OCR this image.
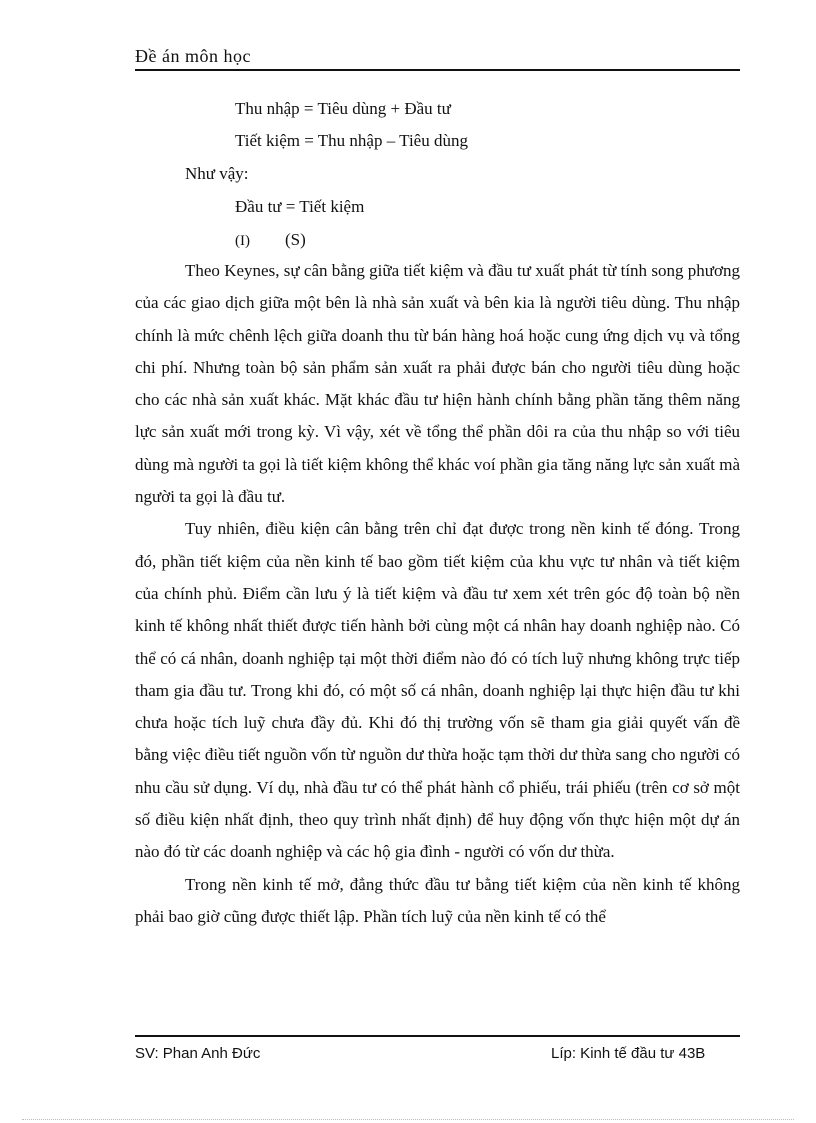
Đề án môn học
Thu nhập = Tiêu dùng + Đầu tư
Tiết kiệm = Thu nhập – Tiêu dùng
Như vậy:
Đầu tư = Tiết kiệm
(I) (S)

Theo Keynes, sự cân bằng giữa tiết kiệm và đầu tư xuất phát từ tính song phương của các giao dịch giữa một bên là nhà sản xuất và bên kia là người tiêu dùng. Thu nhập chính là mức chênh lệch giữa doanh thu từ bán hàng hoá hoặc cung ứng dịch vụ và tổng chi phí. Nhưng toàn bộ sản phẩm sản xuất ra phải được bán cho người tiêu dùng hoặc cho các nhà sản xuất khác. Mặt khác đầu tư hiện hành chính bằng phần tăng thêm năng lực sản xuất mới trong kỳ. Vì vậy, xét về tổng thể phần dôi ra của thu nhập so với tiêu dùng mà người ta gọi là tiết kiệm không thể khác voí phần gia tăng năng lực sản xuất mà người ta gọi là đầu tư.

Tuy nhiên, điều kiện cân bằng trên chỉ đạt được trong nền kinh tế đóng. Trong đó, phần tiết kiệm của nền kinh tế bao gồm tiết kiệm của khu vực tư nhân và tiết kiệm của chính phủ. Điểm cần lưu ý là tiết kiệm và đầu tư xem xét trên góc độ toàn bộ nền kinh tế không nhất thiết được tiến hành bởi cùng một cá nhân hay doanh nghiệp nào. Có thể có cá nhân, doanh nghiệp tại một thời điểm nào đó có tích luỹ nhưng không trực tiếp tham gia đầu tư. Trong khi đó, có một số cá nhân, doanh nghiệp lại thực hiện đầu tư khi chưa hoặc tích luỹ chưa đầy đủ. Khi đó thị trường vốn sẽ tham gia giải quyết vấn đề bằng việc điều tiết nguồn vốn từ nguồn dư thừa hoặc tạm thời dư thừa sang cho người có nhu cầu sử dụng. Ví dụ, nhà đầu tư có thể phát hành cổ phiếu, trái phiếu (trên cơ sở một số điều kiện nhất định, theo quy trình nhất định) để huy động vốn thực hiện một dự án nào đó từ các doanh nghiệp và các hộ gia đình - người có vốn dư thừa.

Trong nền kinh tế mở, đẳng thức đầu tư bằng tiết kiệm của nền kinh tế không phải bao giờ cũng được thiết lập. Phần tích luỹ của nền kinh tế có thể

SV: Phan Anh Đức	Líp: Kinh tế đầu tư 43B
